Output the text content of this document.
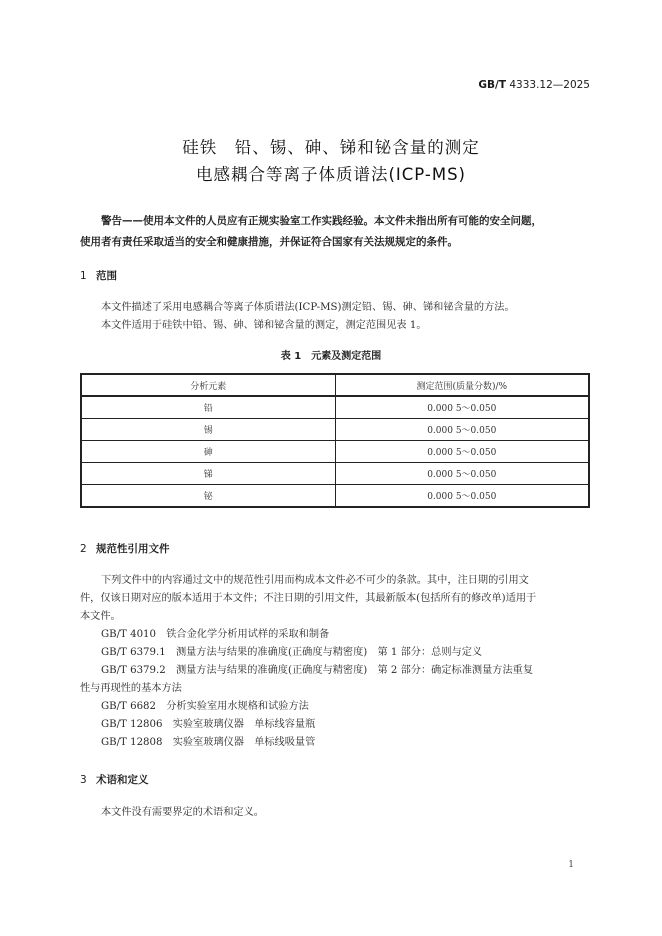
GB/T 4333.12—2025
硅铁　铅、锡、砷、锑和铋含量的测定
电感耦合等离子体质谱法(ICP-MS)
警告——使用本文件的人员应有正规实验室工作实践经验。本文件未指出所有可能的安全问题，
使用者有责任采取适当的安全和健康措施，并保证符合国家有关法规规定的条件。
1 范围
本文件描述了采用电感耦合等离子体质谱法(ICP-MS)测定铅、锡、砷、锑和铋含量的方法。
本文件适用于硅铁中铅、锡、砷、锑和铋含量的测定，测定范围见表 1。
表 1　元素及测定范围
分析元素	测定范围(质量分数)/%
铅	0.000 5～0.050
锡	0.000 5～0.050
砷	0.000 5～0.050
锑	0.000 5～0.050
铋	0.000 5～0.050
2 规范性引用文件
下列文件中的内容通过文中的规范性引用而构成本文件必不可少的条款。其中，注日期的引用文
件，仅该日期对应的版本适用于本文件；不注日期的引用文件，其最新版本(包括所有的修改单)适用于
本文件。
GB/T 4010　 铁合金化学分析用试样的采取和制备
GB/T 6379.1　 测量方法与结果的准确度(正确度与精密度)　第 1 部分：总则与定义
GB/T 6379.2　 测量方法与结果的准确度(正确度与精密度)　第 2 部分：确定标准测量方法重复
性与再现性的基本方法
GB/T 6682　 分析实验室用水规格和试验方法
GB/T 12806　 实验室玻璃仪器　单标线容量瓶
GB/T 12808　 实验室玻璃仪器　单标线吸量管
3 术语和定义
本文件没有需要界定的术语和定义。
1
